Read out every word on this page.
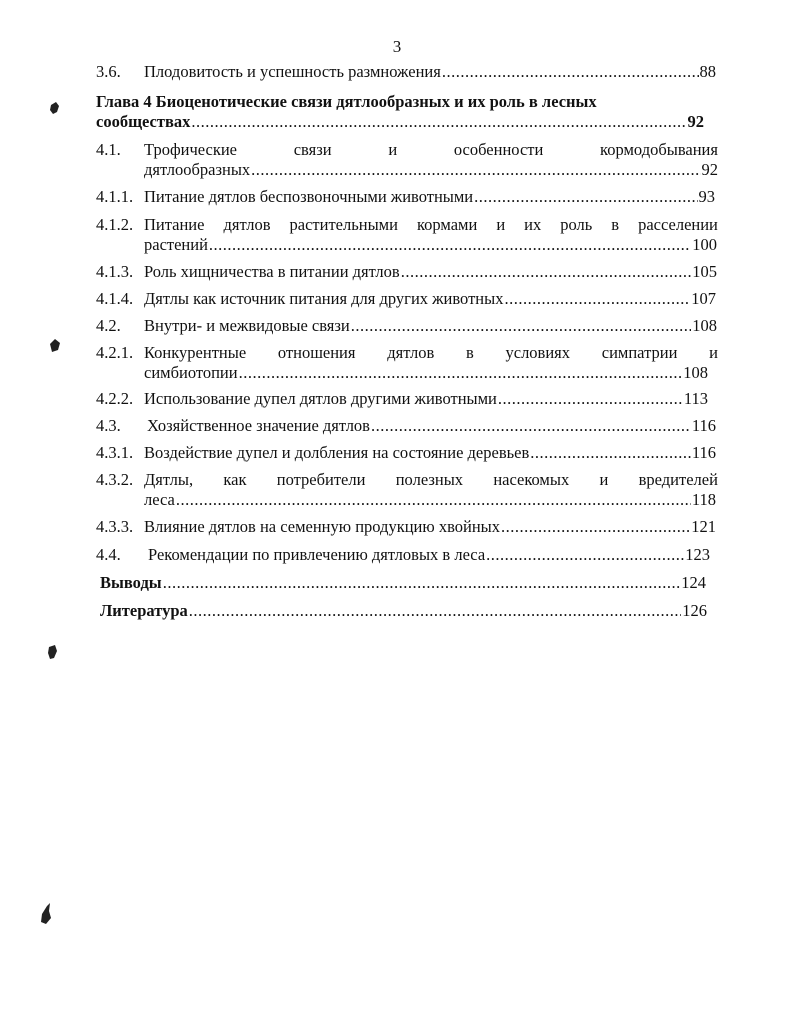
3
3.6.	Плодовитость и успешность размножения .....	88
Глава 4 Биоценотические связи дятлообразных и их роль в лесных
сообществах .....	92
4.1.	Трофические	связи	и	особенности	кормодобывания
дятлообразных .....	92
4.1.1. Питание дятлов беспозвоночными животными .....	93
4.1.2. Питание дятлов растительными кормами и их роль в расселении
растений .....	100
4.1.3. Роль хищничества в питании дятлов .....	105
4.1.4. Дятлы как источник питания для других животных .....	107
4.2.	Внутри- и межвидовые связи .....	108
4.2.1. Конкурентные отношения дятлов в условиях симпатрии и
симбиотопии .....	108
4.2.2. Использование дупел дятлов другими животными .....	113
4.3.	Хозяйственное значение дятлов .....	116
4.3.1. Воздействие дупел и долбления на состояние деревьев .....	116
4.3.2. Дятлы, как потребители полезных насекомых и вредителей
леса .....	118
4.3.3. Влияние дятлов на семенную продукцию хвойных .....	121
4.4.	Рекомендации по привлечению дятловых в леса .....	123
Выводы .....	124
Литература .....	126
